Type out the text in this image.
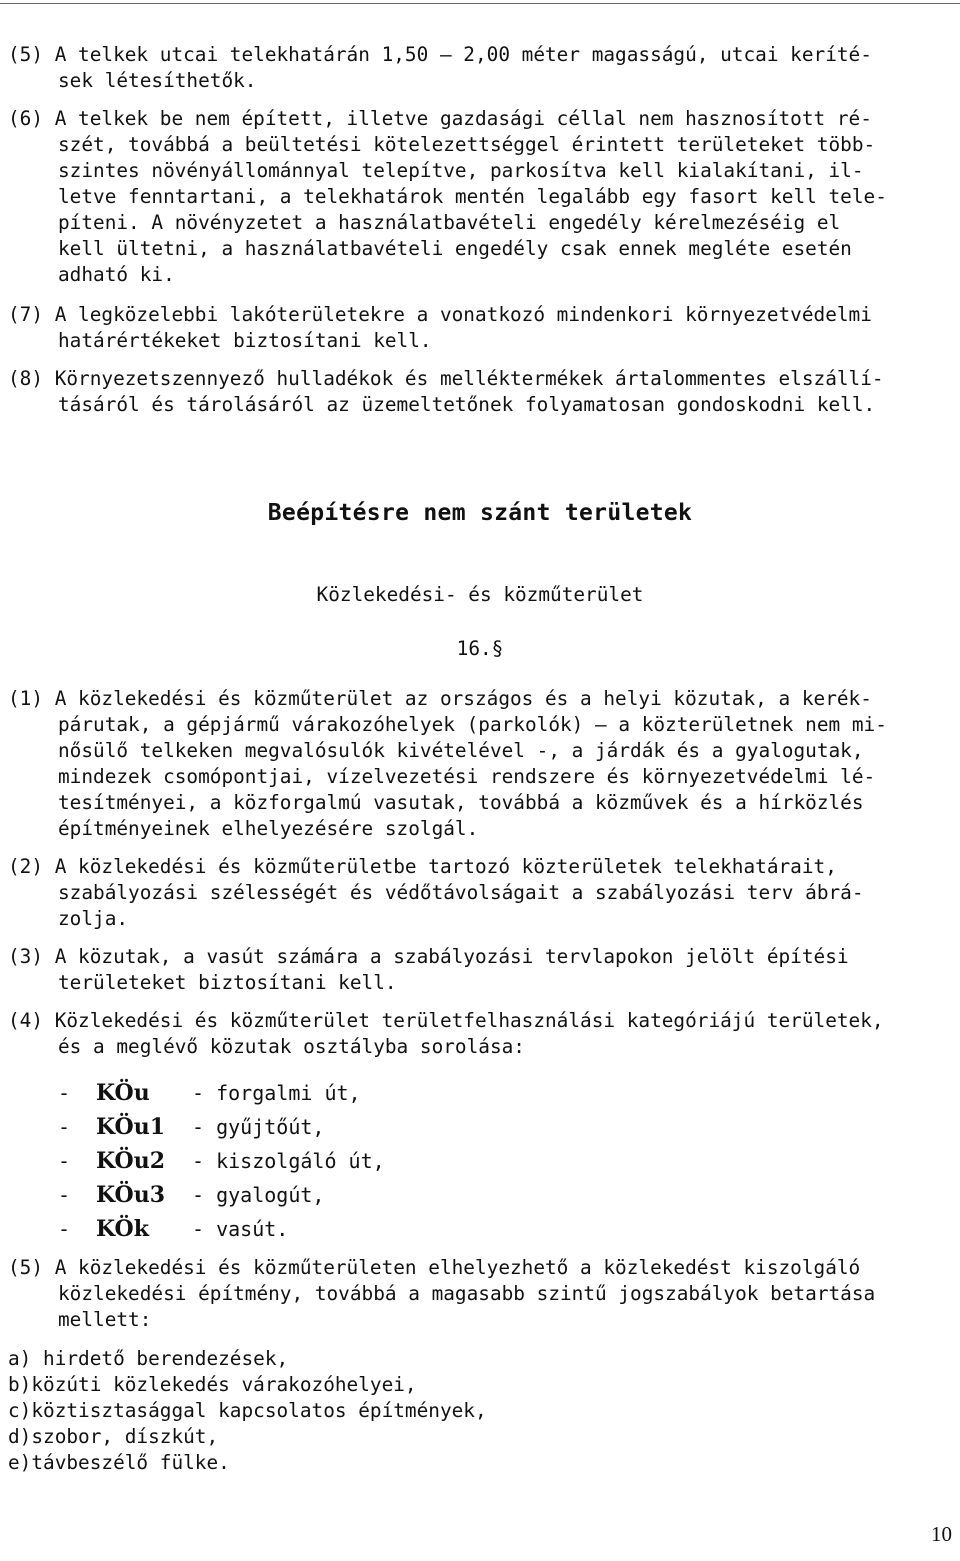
(5) A telkek utcai telekhatárán 1,50 – 2,00 méter magasságú, utcai keríté-
sek létesíthetők.
(6) A telkek be nem épített, illetve gazdasági céllal nem hasznosított ré-
szét, továbbá a beültetési kötelezettséggel érintett területeket több-
szintes növényállománnyal telepítve, parkosítva kell kialakítani, il-
letve fenntartani, a telekhatárok mentén legalább egy fasort kell tele-
píteni. A növényzetet a használatbavételi engedély kérelmezéséig el
kell ültetni, a használatbavételi engedély csak ennek megléte esetén
adható ki.
(7) A legközelebbi lakóterületekre a vonatkozó mindenkori környezetvédelmi
határértékeket biztosítani kell.
(8) Környezetszennyező hulladékok és melléktermékek ártalommentes elszállí-
tásáról és tárolásáról az üzemeltetőnek folyamatosan gondoskodni kell.
(1) A közlekedési és közműterület az országos és a helyi közutak, a kerék-
párutak, a gépjármű várakozóhelyek (parkolók) – a közterületnek nem mi-
nősülő telkeken megvalósulók kivételével -, a járdák és a gyalogutak,
mindezek csomópontjai, vízelvezetési rendszere és környezetvédelmi lé-
tesítményei, a közforgalmú vasutak, továbbá a közművek és a hírközlés
építményeinek elhelyezésére szolgál.
(2) A közlekedési és közműterületbe tartozó közterületek telekhatárait,
szabályozási szélességét és védőtávolságait a szabályozási terv ábrá-
zolja.
(3) A közutak, a vasút számára a szabályozási tervlapokon jelölt építési
területeket biztosítani kell.
(4) Közlekedési és közműterület területfelhasználási kategóriájú területek,
és a meglévő közutak osztályba sorolása:
(5) A közlekedési és közműterületen elhelyezhető a közlekedést kiszolgáló
közlekedési építmény, továbbá a magasabb szintű jogszabályok betartása
mellett:
a) hirdető berendezések,
b)közúti közlekedés várakozóhelyei,
c)köztisztasággal kapcsolatos építmények,
d)szobor, díszkút,
e)távbeszélő fülke.
Beépítésre nem szánt területek
Közlekedési- és közműterület
16.§
- KÖu - forgalmi út,
- KÖu1 - gyűjtőút,
- KÖu2 - kiszolgáló út,
- KÖu3 - gyalogút,
- KÖk - vasút.
10
